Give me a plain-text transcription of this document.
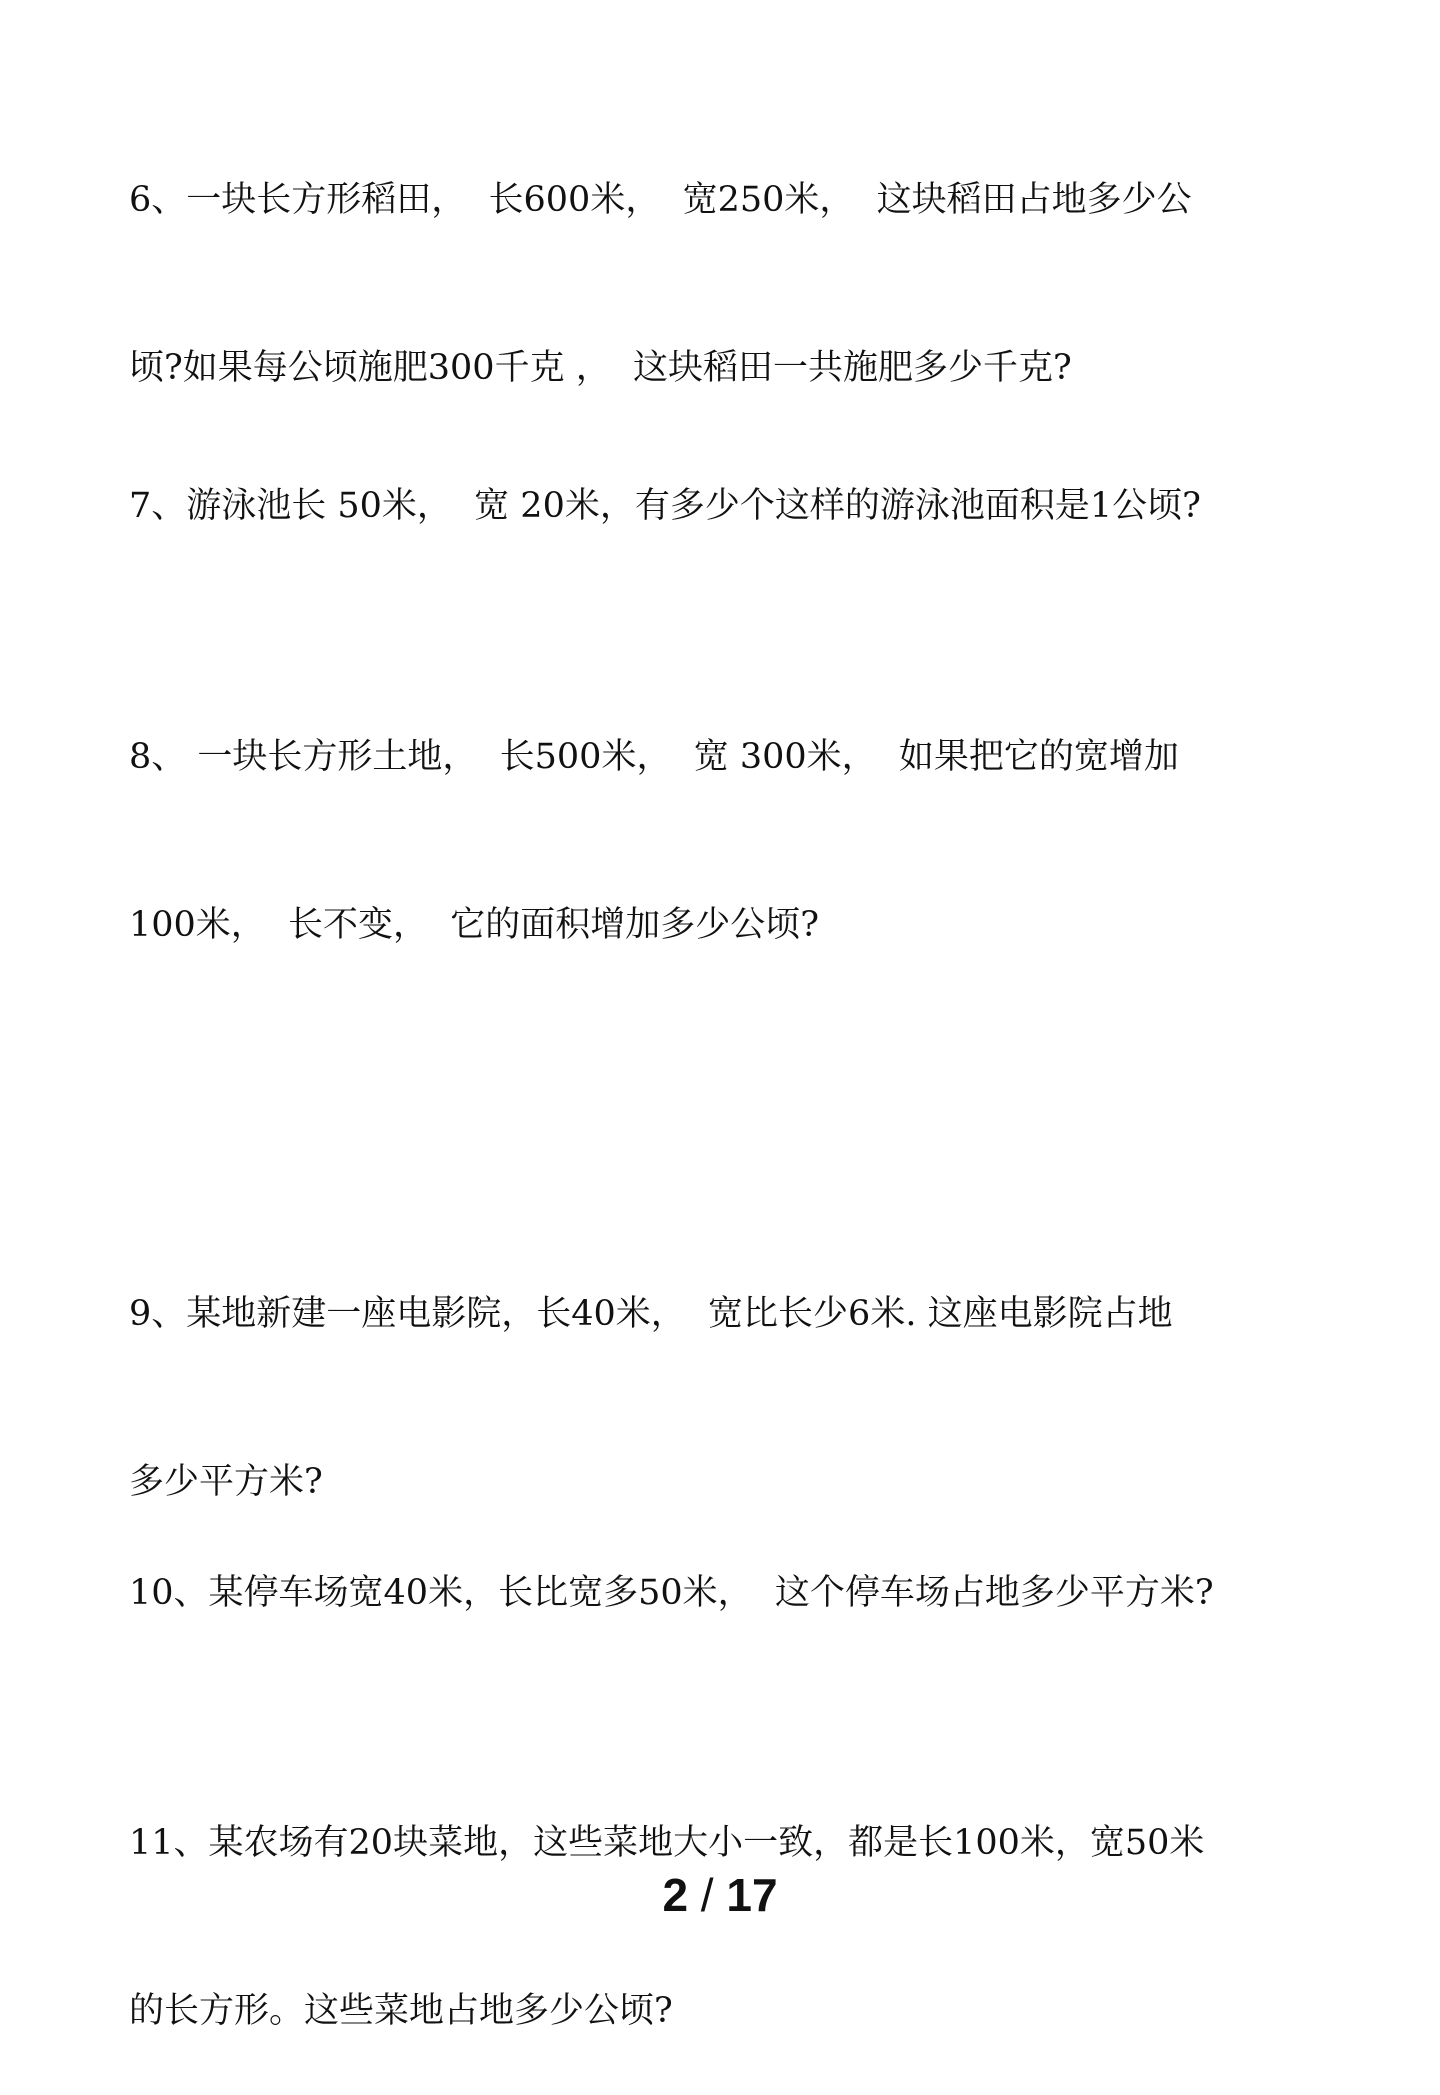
6、一块长方形稻田，  长600米，  宽250米，  这块稻田占地多少公

顷?如果每公顷施肥300千克 ，  这块稻田一共施肥多少千克?

7、游泳池长 50米，  宽 20米，有多少个这样的游泳池面积是1公顷?

8、 一块长方形土地，  长500米，  宽 300米，  如果把它的宽增加

100米，  长不变，  它的面积增加多少公顷?

9、某地新建一座电影院，长40米，  宽比长少6米. 这座电影院占地

多少平方米?

10、某停车场宽40米，长比宽多50米，  这个停车场占地多少平方米?

11、某农场有20块菜地，这些菜地大小一致，都是长100米，宽50米

的长方形。这些菜地占地多少公顷?

2 / 17
